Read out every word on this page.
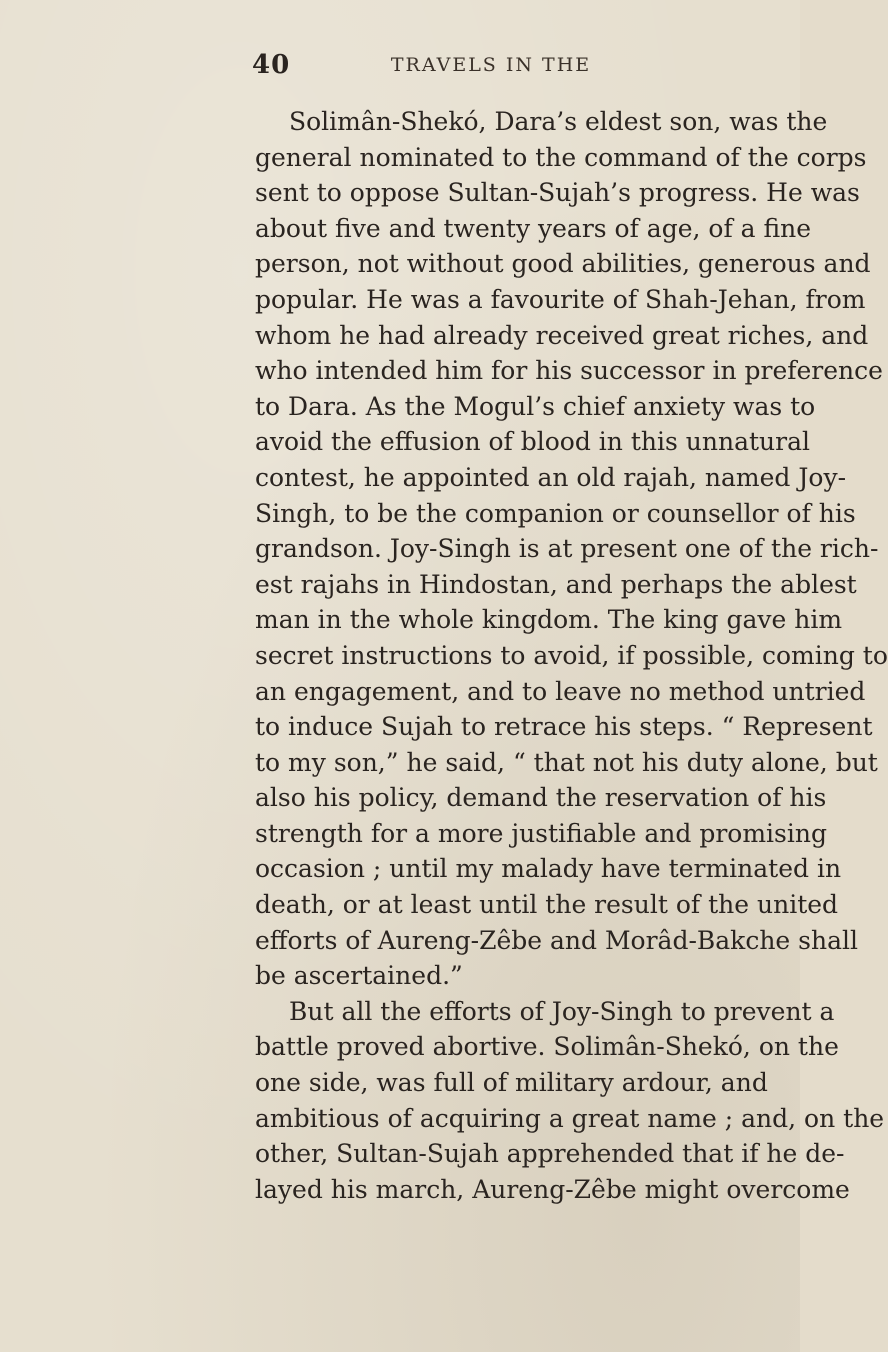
40	TRAVELS IN THE
Solimân-Shekó, Dara’s eldest son, was the
general nominated to the command of the corps
sent to oppose Sultan-Sujah’s progress. He was
about five and twenty years of age, of a fine
person, not without good abilities, generous and
popular. He was a favourite of Shah-Jehan, from
whom he had already received great riches, and
who intended him for his successor in preference
to Dara. As the Mogul’s chief anxiety was to
avoid the effusion of blood in this unnatural
contest, he appointed an old rajah, named Joy-
Singh, to be the companion or counsellor of his
grandson. Joy-Singh is at present one of the rich-
est rajahs in Hindostan, and perhaps the ablest
man in the whole kingdom. The king gave him
secret instructions to avoid, if possible, coming to
an engagement, and to leave no method untried
to induce Sujah to retrace his steps. “ Represent
to my son,” he said, “ that not his duty alone, but
also his policy, demand the reservation of his
strength for a more justifiable and promising
occasion ; until my malady have terminated in
death, or at least until the result of the united
efforts of Aureng-Zêbe and Morâd-Bakche shall
be ascertained.”
But all the efforts of Joy-Singh to prevent a
battle proved abortive. Solimân-Shekó, on the
one side, was full of military ardour, and
ambitious of acquiring a great name ; and, on the
other, Sultan-Sujah apprehended that if he de-
layed his march, Aureng-Zêbe might overcome
